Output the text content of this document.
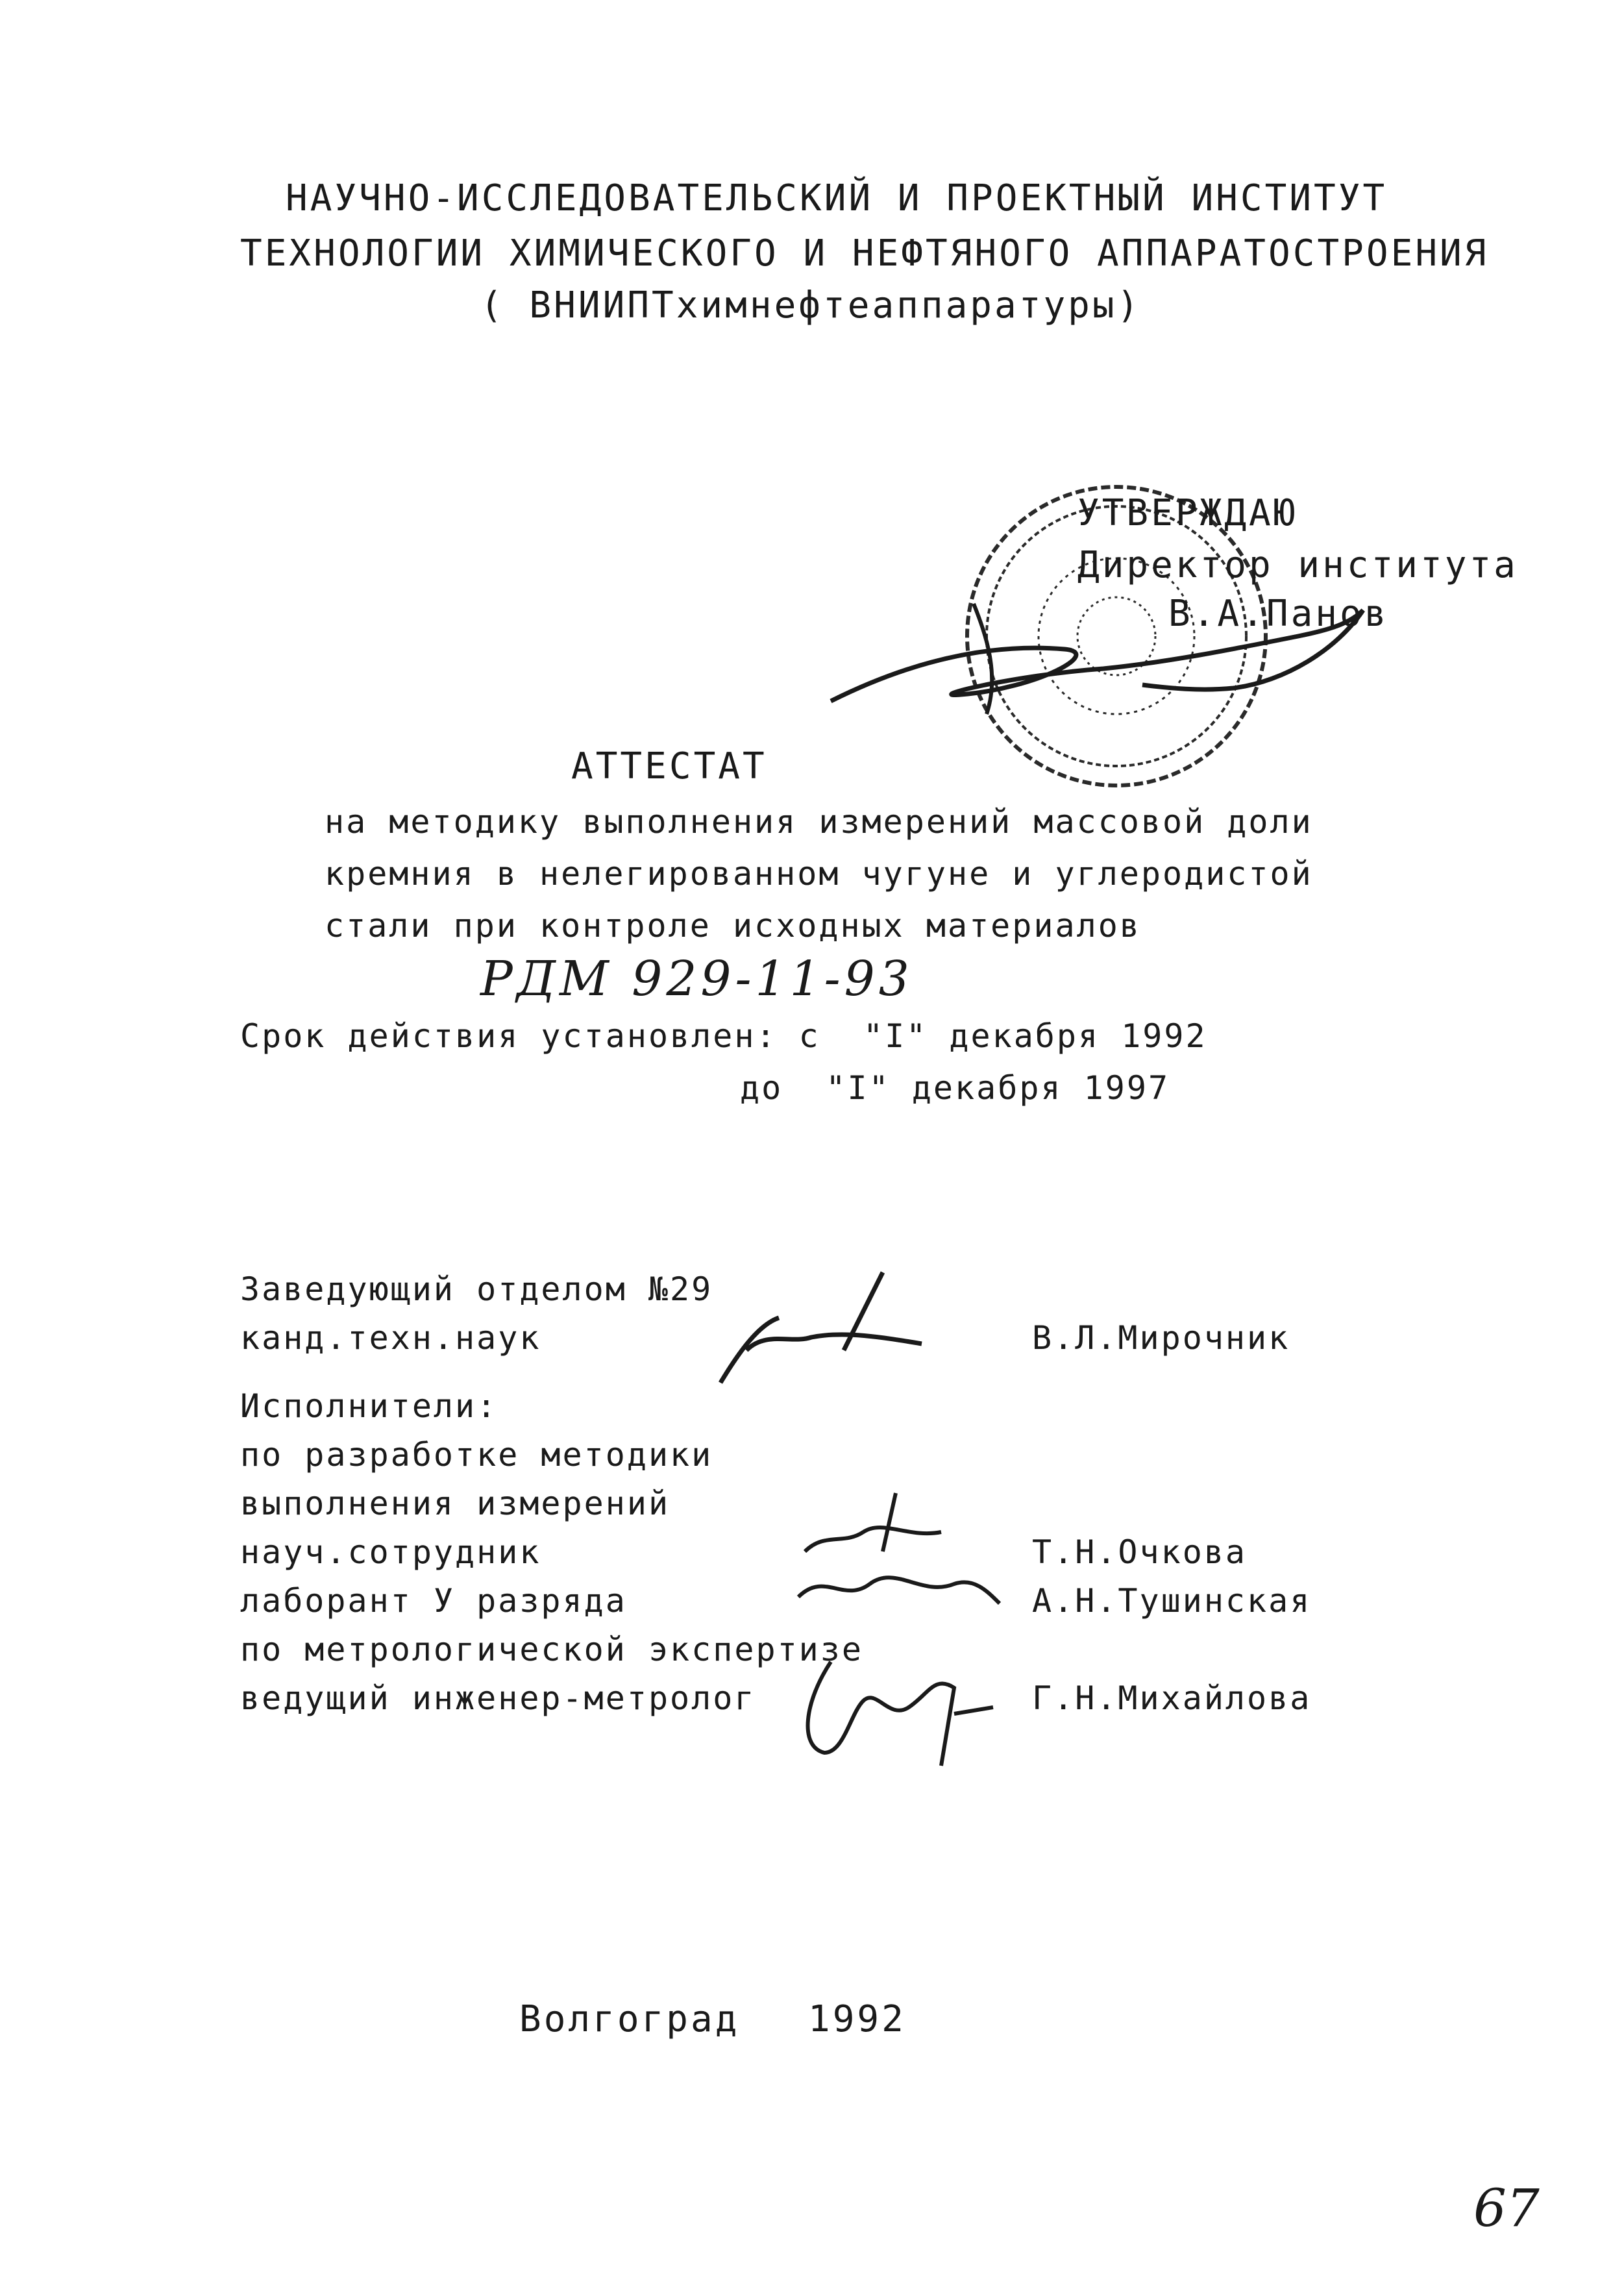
НАУЧНО-ИССЛЕДОВАТЕЛЬСКИЙ И ПРОЕКТНЫЙ ИНСТИТУТ
ТЕХНОЛОГИИ ХИМИЧЕСКОГО И НЕФТЯНОГО АППАРАТОСТРОЕНИЯ
( ВНИИПТхимнефтеаппаратуры)
УТВЕРЖДАЮ
Директор института
В.А.Панов
АТТЕСТАТ
на методику выполнения измерений массовой доли
кремния в нелегированном чугуне и углеродистой
стали при контроле исходных материалов
РДМ 929-11-93
Срок действия установлен: с  "I" декабря 1992
до  "I" декабря 1997
Заведующий отделом №29
канд.техн.наук	В.Л.Мирочник
Исполнители:
по разработке методики
выполнения измерений
науч.сотрудник	Т.Н.Очкова
лаборант У разряда	А.Н.Тушинская
по метрологической экспертизе
ведущий инженер-метролог	Г.Н.Михайлова
Волгоград 1992
67
